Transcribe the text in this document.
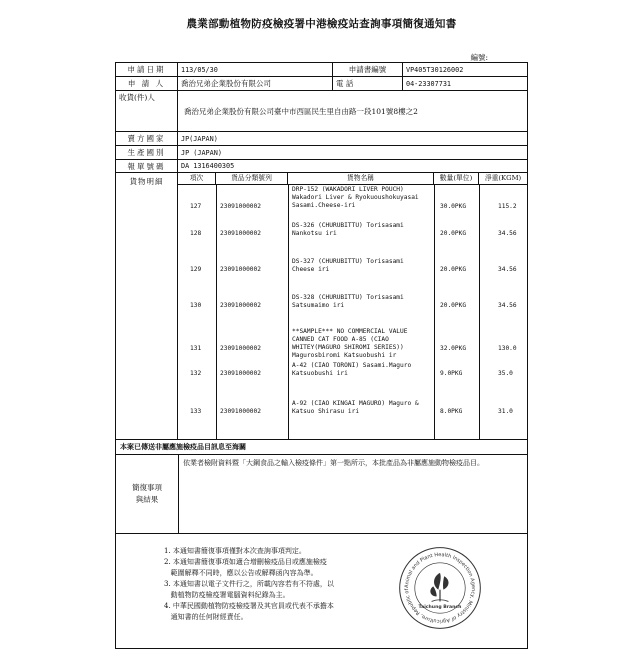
農業部動植物防疫檢疫署中港檢疫站查詢事項簡復通知書
編號:
申請日期	113/05/30	申請書編號	VP405T30126002
申 請 人	喬治兄弟企業股份有限公司	電 話	04-23307731
收貨(件)人
喬治兄弟企業股份有限公司臺中市西區民生里自由路一段101號8樓之2
賣方國家	JP(JAPAN)
生產國別	JP (JAPAN)
報單號碼	DA 1316400305
貨物明細	項次	貨品分類號列	貨物名稱	數量(單位)	淨重(KGM)
127	23091000002
DRP-152 (WAKADORI LIVER POUCH)
Wakadori Liver & Ryokuoushokuyasai
Sasami.Cheese-iri	30.0PKG	115.2
128	23091000002
DS-326 (CHURUBITTU) Torisasami
Nankotsu iri	20.0PKG	34.56
129	23091000002
DS-327 (CHURUBITTU) Torisasami
Cheese iri	20.0PKG	34.56
130	23091000002
DS-328 (CHURUBITTU) Torisasami
Satsumaimo iri	20.0PKG	34.56
131	23091000002
**SAMPLE*** NO COMMERCIAL VALUE
CANNED CAT FOOD A-85 (CIAO
WHITEY(MAGURO SHIROMI SERIES))
Magurosbiromi Katsuobushi ir
32.0PKG	130.0
132	23091000002
A-42 (CIAO TORONI) Sasami.Maguro
Katsuobushi iri	9.0PKG	35.0
133	23091000002
A-92 (CIAO KINGAI MAGURO) Maguro &
Katsuo Shirasu iri	8.0PKG	31.0
本案已傳送非屬應施檢疫品目訊息至海關
簡復事項
與結果
依業者檢附資料暨「大鋼食品之輸入檢疫條件」第一點所示，本批產品為非屬應施動物檢疫品目。
1. 本通知書簡復事項僅對本次查詢事項判定。
2. 本通知書簡復事項如適合增刪檢疫品目或應施檢疫
範圍解釋不同時，應以公告或解釋函內容為準。
3. 本通知書以電子文件行之，所載內容若有不符處，以
動植物防疫檢疫署電腦資料紀錄為主。
4. 中華民國動植物防疫檢疫署及其官員或代表不承擔本
通知書的任何財經責任。
Animal and Plant Health Inspection Agency, Ministry of Agriculture, Republic of
Taichung Branch
